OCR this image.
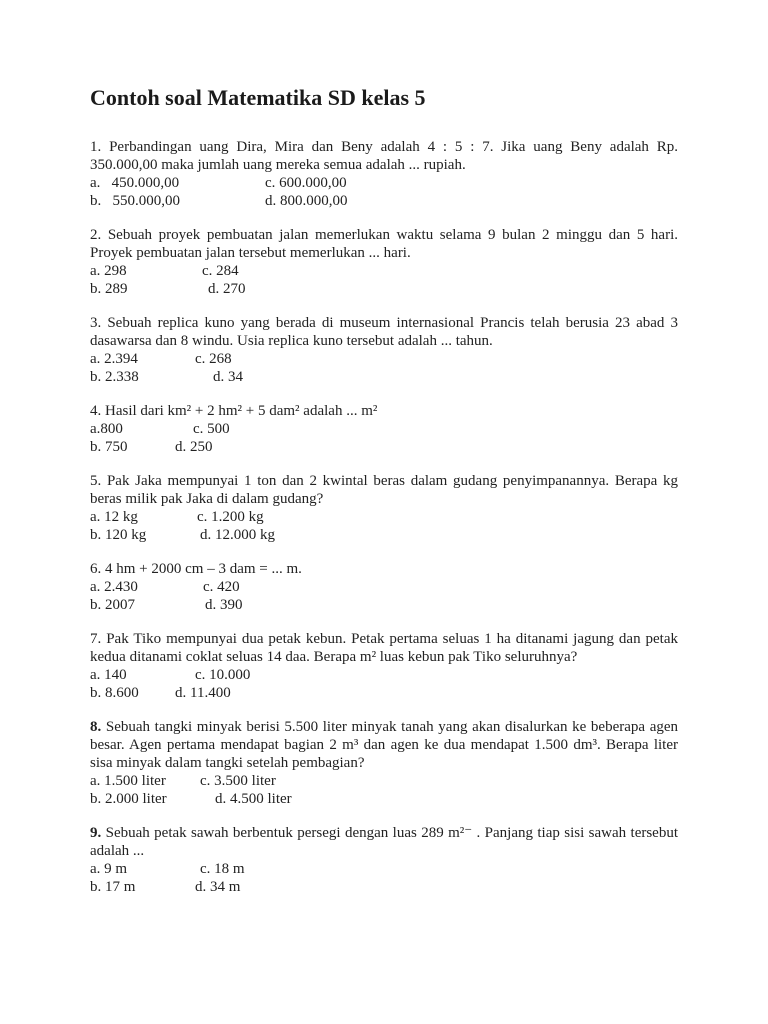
Contoh soal Matematika SD kelas 5

1. Perbandingan uang Dira, Mira dan Beny adalah 4 : 5 : 7. Jika uang Beny adalah Rp. 350.000,00 maka jumlah uang mereka semua adalah ... rupiah.

a.   450.000,00	c. 600.000,00
b.   550.000,00	d. 800.000,00

2. Sebuah proyek pembuatan jalan memerlukan waktu selama 9 bulan 2 minggu dan 5 hari. Proyek pembuatan jalan tersebut memerlukan ... hari.

a. 298	c. 284
b. 289	d. 270

3. Sebuah replica kuno yang berada di museum internasional Prancis telah berusia 23 abad 3 dasawarsa dan 8 windu. Usia replica kuno tersebut adalah ... tahun.

a. 2.394	c. 268
b. 2.338	d. 34

4. Hasil dari km² + 2 hm² + 5 dam² adalah ... m²

a.800	c. 500
b. 750	d. 250

5. Pak Jaka mempunyai 1 ton dan 2 kwintal beras dalam gudang penyimpanannya. Berapa kg beras milik pak Jaka di dalam gudang?

a. 12 kg	c. 1.200 kg
b. 120 kg	d. 12.000 kg

6. 4 hm + 2000 cm – 3 dam = ... m.

a. 2.430	c. 420
b. 2007	d. 390

7. Pak Tiko mempunyai dua petak kebun. Petak pertama seluas 1 ha ditanami jagung dan petak kedua ditanami coklat seluas 14 daa. Berapa m² luas kebun pak Tiko seluruhnya?

a. 140	c. 10.000
b. 8.600 d. 11.400

8. Sebuah tangki minyak berisi 5.500 liter minyak tanah yang akan disalurkan ke beberapa agen besar. Agen pertama mendapat bagian 2 m³ dan agen ke dua mendapat 1.500 dm³. Berapa liter sisa minyak dalam tangki setelah pembagian?

a. 1.500 liter c. 3.500 liter
b. 2.000 liter	d. 4.500 liter

9. Sebuah petak sawah berbentuk persegi dengan luas 289 m²⁻ . Panjang tiap sisi sawah tersebut adalah ...

a. 9 m	c. 18 m
b. 17 m	d. 34 m
